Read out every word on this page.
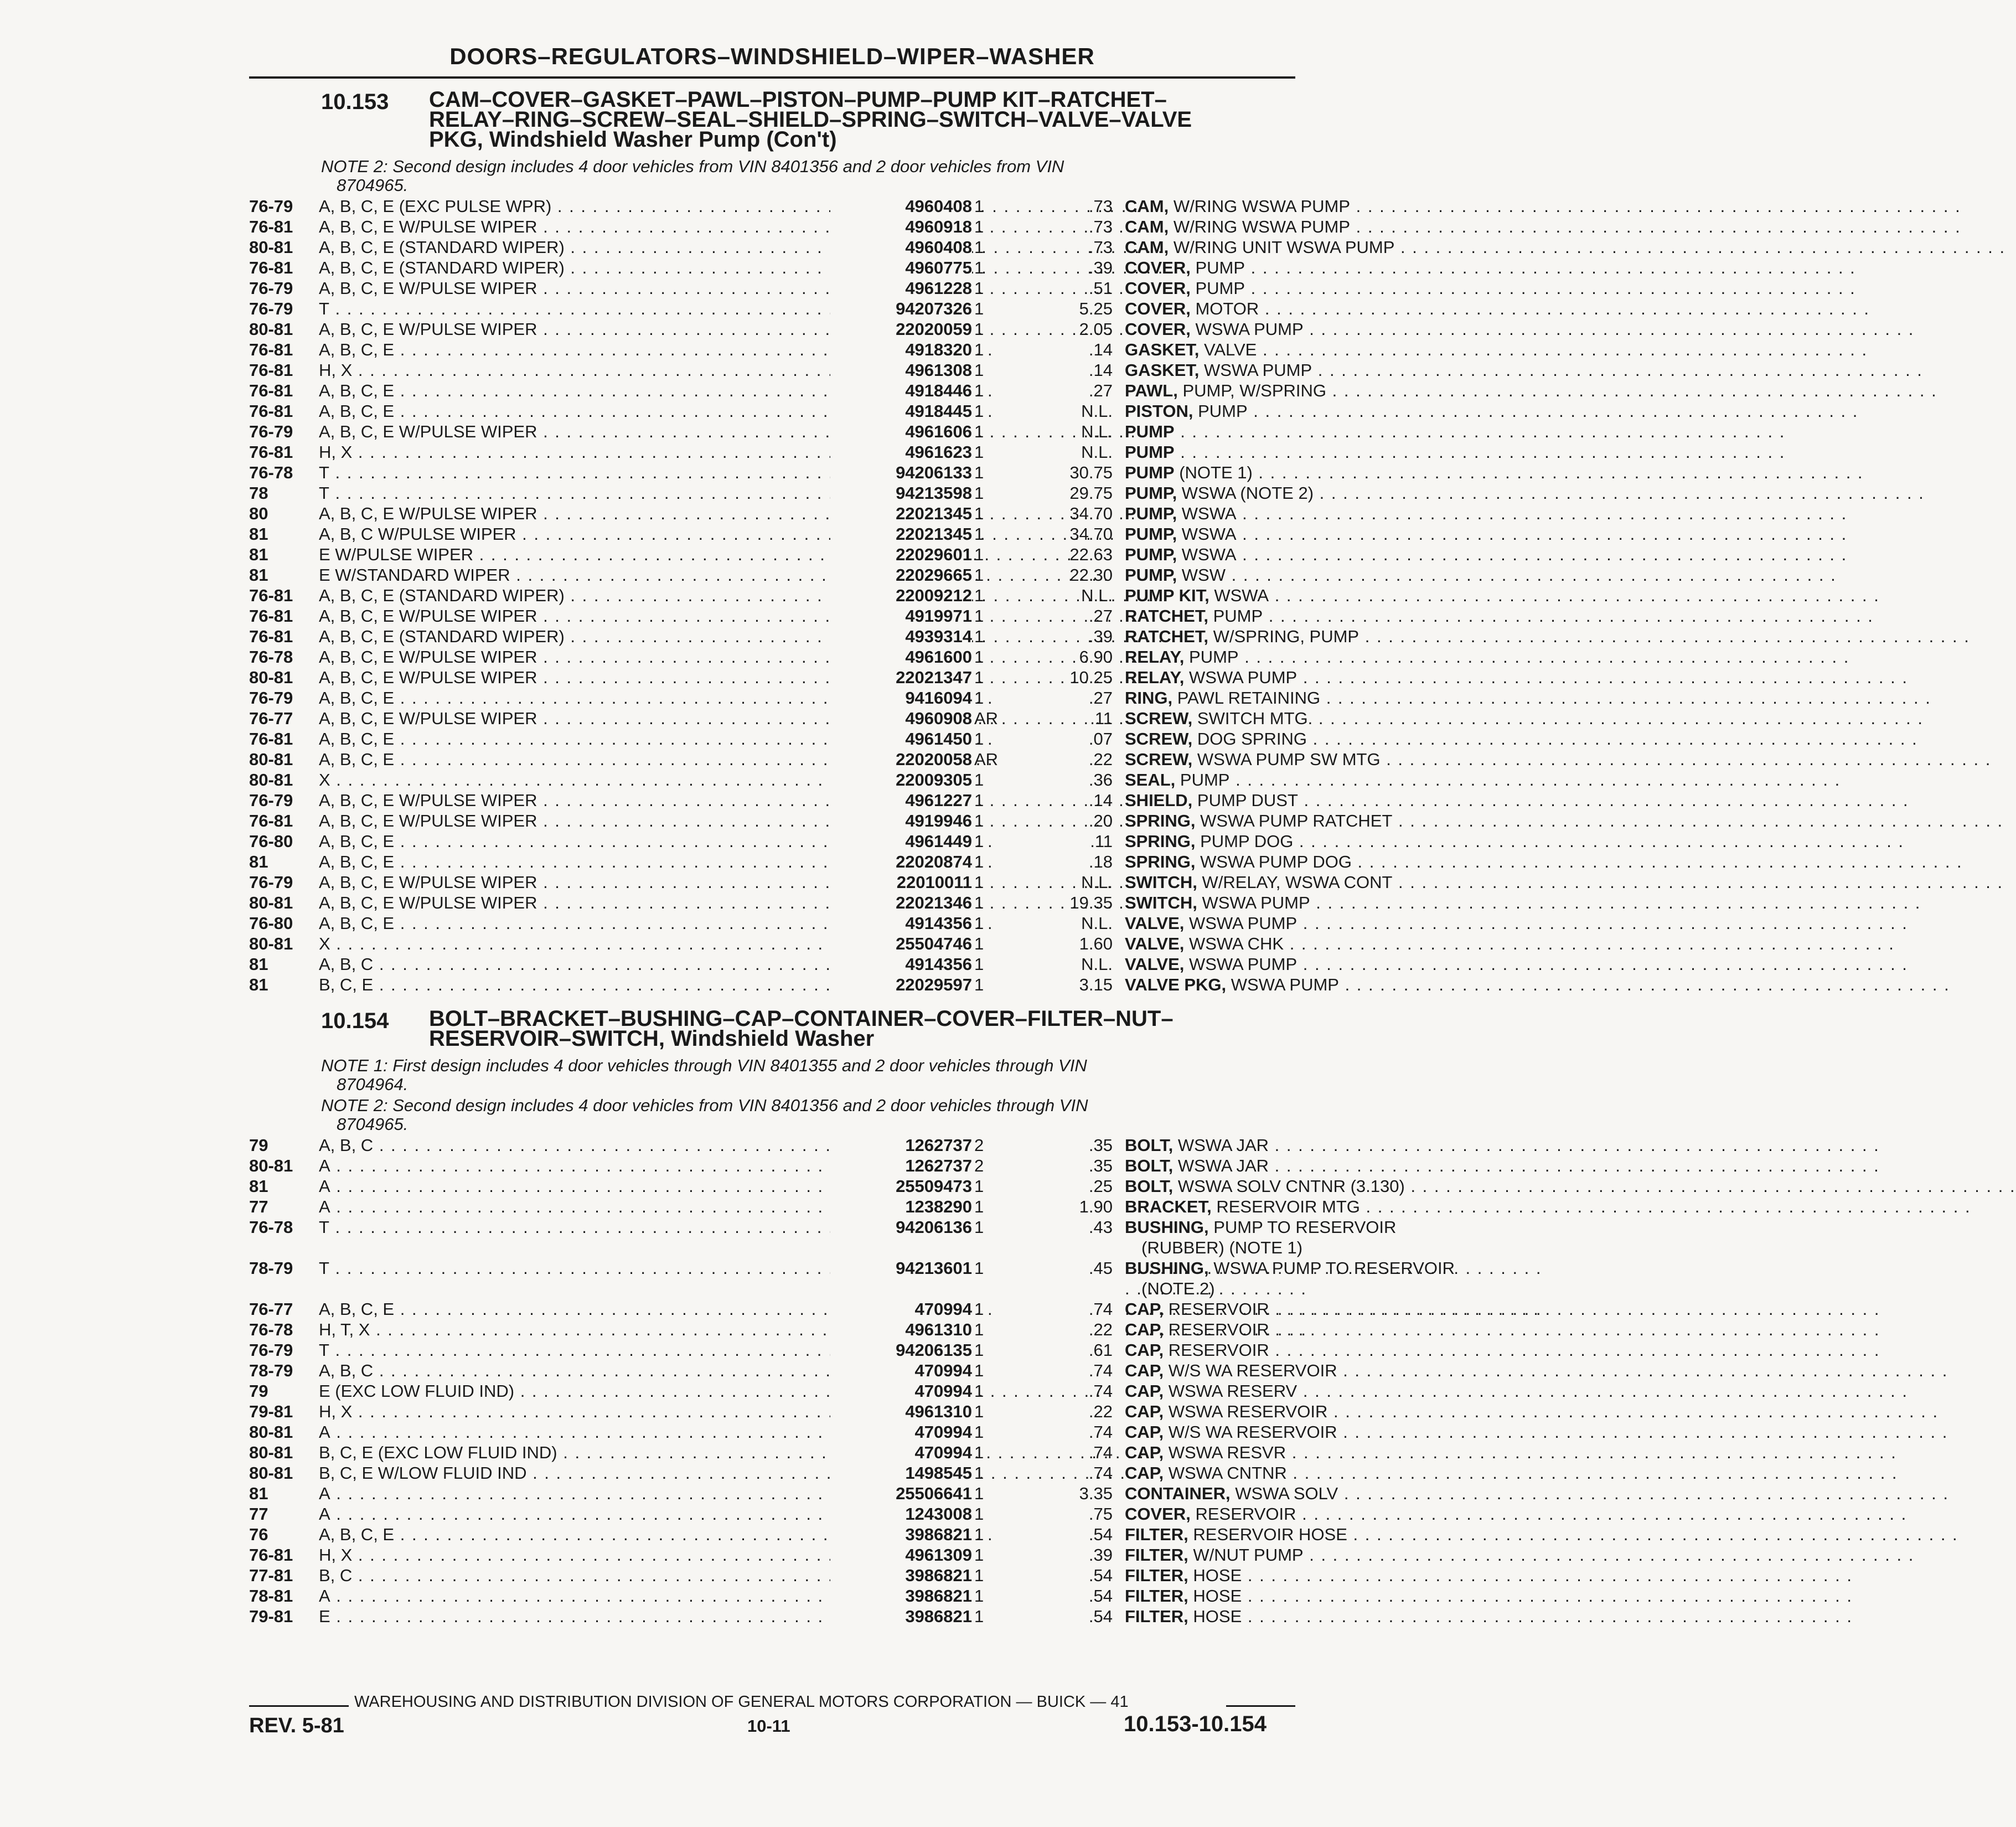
DOORS–REGULATORS–WINDSHIELD–WIPER–WASHER
10.153 CAM–COVER–GASKET–PAWL–PISTON–PUMP–PUMP KIT–RATCHET–
RELAY–RING–SCREW–SEAL–SHIELD–SPRING–SWITCH–VALVE–VALVE
PKG, Windshield Washer Pump (Con't)
NOTE 2: Second design includes 4 door vehicles from VIN 8401356 and 2 door vehicles from VIN
8704965.
76-79	A, B, C, E (EXC PULSE WPR) . . .	4960408 1	.73 CAM, W/RING WSWA PUMP . . .
76-81	A, B, C, E W/PULSE WIPER . . .	4960918 1	.73 CAM, W/RING WSWA PUMP . . .
80-81	A, B, C, E (STANDARD WIPER) . . .	4960408 1	.73 CAM, W/RING UNIT WSWA PUMP . . .
76-81	A, B, C, E (STANDARD WIPER) . . .	4960775 1	.39 COVER, PUMP . . .
76-79	A, B, C, E W/PULSE WIPER . . .	4961228 1	.51 COVER, PUMP . . .
76-79	T . . .	94207326 1	5.25 COVER, MOTOR . . .
80-81	A, B, C, E W/PULSE WIPER . . .	22020059 1	2.05 COVER, WSWA PUMP . . .
76-81	A, B, C, E . . .	4918320 1	.14 GASKET, VALVE . . .
76-81	H, X . . .	4961308 1	.14 GASKET, WSWA PUMP . . .
76-81	A, B, C, E . . .	4918446 1	.27 PAWL, PUMP, W/SPRING . . .
76-81	A, B, C, E . . .	4918445 1	N.L. PISTON, PUMP . . .
76-79	A, B, C, E W/PULSE WIPER . . .	4961606 1	N.L. PUMP . . .
76-81	H, X . . .	4961623 1	N.L. PUMP . . .
76-78	T . . .	94206133 1	30.75 PUMP (NOTE 1) . . .
78	T . . .	94213598 1	29.75 PUMP, WSWA (NOTE 2) . . .
80	A, B, C, E W/PULSE WIPER . . .	22021345 1	34.70 PUMP, WSWA . . .
81	A, B, C W/PULSE WIPER . . .	22021345 1	34.70 PUMP, WSWA . . .
81	E W/PULSE WIPER . . .	22029601 1	22.63 PUMP, WSWA . . .
81	E W/STANDARD WIPER . . .	22029665 1	22.30 PUMP, WSW . . .
76-81	A, B, C, E (STANDARD WIPER) . . .	22009212 1	N.L. PUMP KIT, WSWA . . .
76-81	A, B, C, E W/PULSE WIPER . . .	4919971 1	.27 RATCHET, PUMP . . .
76-81	A, B, C, E (STANDARD WIPER) . . .	4939314 1	.39 RATCHET, W/SPRING, PUMP . . .
76-78	A, B, C, E W/PULSE WIPER . . .	4961600 1	6.90 RELAY, PUMP . . .
80-81	A, B, C, E W/PULSE WIPER . . .	22021347 1	10.25 RELAY, WSWA PUMP . . .
76-79	A, B, C, E . . .	9416094 1	.27 RING, PAWL RETAINING . . .
76-77	A, B, C, E W/PULSE WIPER . . .	4960908 AR	.11 SCREW, SWITCH MTG. . . .
76-81	A, B, C, E . . .	4961450 1	.07 SCREW, DOG SPRING . . .
80-81	A, B, C, E . . .	22020058 AR	.22 SCREW, WSWA PUMP SW MTG . . .
80-81	X . . .	22009305 1	.36 SEAL, PUMP . . .
76-79	A, B, C, E W/PULSE WIPER . . .	4961227 1	.14 SHIELD, PUMP DUST . . .
76-81	A, B, C, E W/PULSE WIPER . . .	4919946 1	.20 SPRING, WSWA PUMP RATCHET . . .
76-80	A, B, C, E . . .	4961449 1	.11 SPRING, PUMP DOG . . .
81	A, B, C, E . . .	22020874 1	.18 SPRING, WSWA PUMP DOG . . .
76-79	A, B, C, E W/PULSE WIPER . . .	22010011 1	N.L. SWITCH, W/RELAY, WSWA CONT . . .
80-81	A, B, C, E W/PULSE WIPER . . .	22021346 1	19.35 SWITCH, WSWA PUMP . . .
76-80	A, B, C, E . . .	4914356 1	N.L. VALVE, WSWA PUMP . . .
80-81	X . . .	25504746 1	1.60 VALVE, WSWA CHK . . .
81	A, B, C . . .	4914356 1	N.L. VALVE, WSWA PUMP . . .
81	B, C, E . . .	22029597 1	3.15 VALVE PKG, WSWA PUMP . . .
10.154 BOLT–BRACKET–BUSHING–CAP–CONTAINER–COVER–FILTER–NUT–
RESERVOIR–SWITCH, Windshield Washer
NOTE 1: First design includes 4 door vehicles through VIN 8401355 and 2 door vehicles through VIN
8704964.
NOTE 2: Second design includes 4 door vehicles from VIN 8401356 and 2 door vehicles through VIN
8704965.
79	A, B, C . . .	1262737 2	.35 BOLT, WSWA JAR . . .
80-81	A . . .	1262737 2	.35 BOLT, WSWA JAR . . .
81	A . . .	25509473 1	.25 BOLT, WSWA SOLV CNTNR (3.130) . . .
77	A . . .	1238290 1	1.90 BRACKET, RESERVOIR MTG . . .
76-78	T . . .	94206136 1	.43 BUSHING, PUMP TO RESERVOIR
(RUBBER) (NOTE 1)
. . .
78-79	T . . .	94213601 1	.45 BUSHING, WSWA PUMP TO RESERVOIR
(NOTE 2)
. . .
76-77	A, B, C, E . . .	470994 1	.74 CAP, RESERVOIR . . .
76-78	H, T, X . . .	4961310 1	.22 CAP, RESERVOIR . . .
76-79	T . . .	94206135 1	.61 CAP, RESERVOIR . . .
78-79	A, B, C . . .	470994 1	.74 CAP, W/S WA RESERVOIR . . .
79	E (EXC LOW FLUID IND) . . .	470994 1	.74 CAP, WSWA RESERV . . .
79-81	H, X . . .	4961310 1	.22 CAP, WSWA RESERVOIR . . .
80-81	A . . .	470994 1	.74 CAP, W/S WA RESERVOIR . . .
80-81	B, C, E (EXC LOW FLUID IND) . . .	470994 1	.74 CAP, WSWA RESVR . . .
80-81	B, C, E W/LOW FLUID IND . . .	1498545 1	.74 CAP, WSWA CNTNR . . .
81	A . . .	25506641 1	3.35 CONTAINER, WSWA SOLV . . .
77	A . . .	1243008 1	.75 COVER, RESERVOIR . . .
76	A, B, C, E . . .	3986821 1	.54 FILTER, RESERVOIR HOSE . . .
76-81	H, X . . .	4961309 1	.39 FILTER, W/NUT PUMP . . .
77-81	B, C . . .	3986821 1	.54 FILTER, HOSE . . .
78-81	A . . .	3986821 1	.54 FILTER, HOSE . . .
79-81	E . . .	3986821 1	.54 FILTER, HOSE . . .
WAREHOUSING AND DISTRIBUTION DIVISION OF GENERAL MOTORS CORPORATION — BUICK — 41
REV. 5-81	10-11	10.153-10.154
